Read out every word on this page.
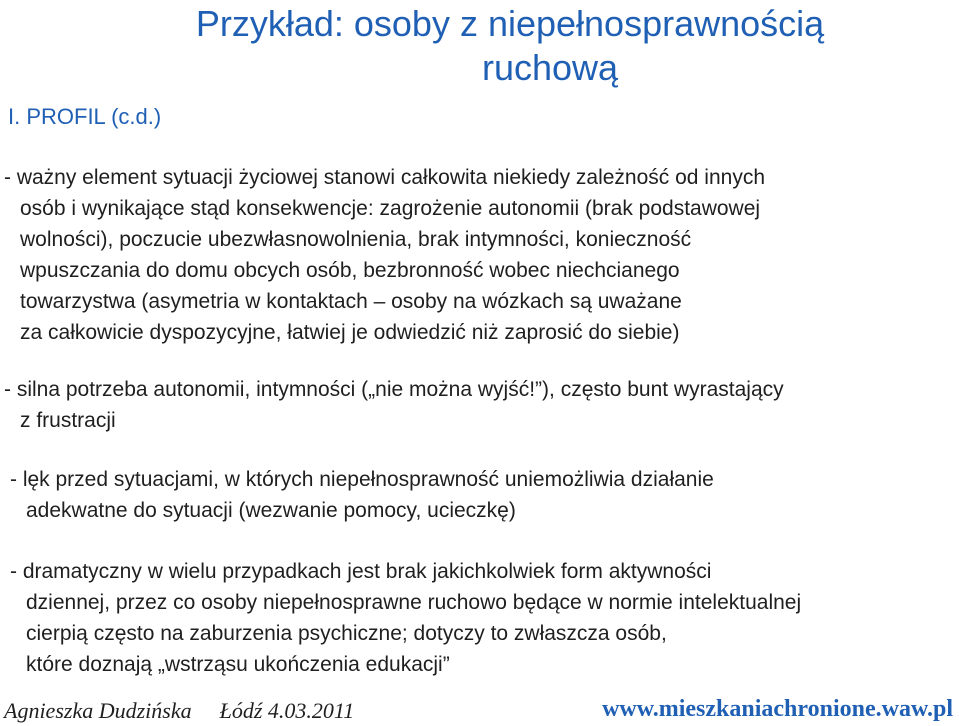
Przykład: osoby z niepełnosprawnością
ruchową

I. PROFIL (c.d.)

- ważny element sytuacji życiowej stanowi całkowita niekiedy zależność od innych
osób i wynikające stąd konsekwencje: zagrożenie autonomii (brak podstawowej
wolności), poczucie ubezwłasnowolnienia, brak intymności, konieczność
wpuszczania do domu obcych osób, bezbronność wobec niechcianego
towarzystwa (asymetria w kontaktach – osoby na wózkach są uważane
za całkowicie dyspozycyjne, łatwiej je odwiedzić niż zaprosić do siebie)
- silna potrzeba autonomii, intymności („nie można wyjść!”), często bunt wyrastający
z frustracji
- lęk przed sytuacjami, w których niepełnosprawność uniemożliwia działanie
adekwatne do sytuacji (wezwanie pomocy, ucieczkę)
- dramatyczny w wielu przypadkach jest brak jakichkolwiek form aktywności
dziennej, przez co osoby niepełnosprawne ruchowo będące w normie intelektualnej
cierpią często na zaburzenia psychiczne; dotyczy to zwłaszcza osób,
które doznają „wstrząsu ukończenia edukacji”
Agnieszka Dudzińska Łódź 4.03.2011	www.mieszkaniachronione.waw.pl
